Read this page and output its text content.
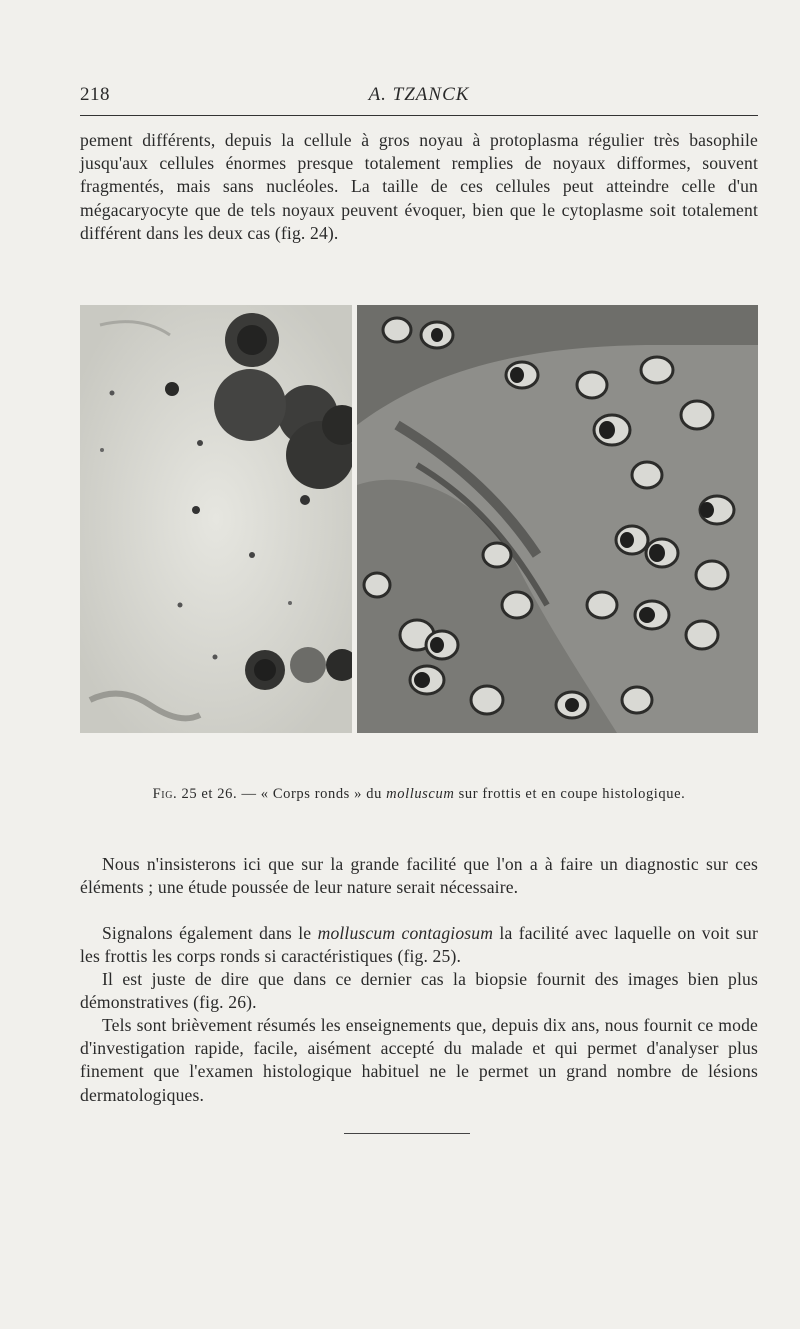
218	A. TZANCK

pement différents, depuis la cellule à gros noyau à protoplasma régulier très basophile jusqu'aux cellules énormes presque totalement remplies de noyaux difformes, souvent fragmentés, mais sans nucléoles. La taille de ces cellules peut atteindre celle d'un mégacaryocyte que de tels noyaux peuvent évoquer, bien que le cytoplasme soit totalement différent dans les deux cas (fig. 24).

Fig. 25 et 26. — « Corps ronds » du molluscum sur frottis et en coupe histologique.

Nous n'insisterons ici que sur la grande facilité que l'on a à faire un diagnostic sur ces éléments ; une étude poussée de leur nature serait nécessaire.

Signalons également dans le molluscum contagiosum la facilité avec laquelle on voit sur les frottis les corps ronds si caractéristiques (fig. 25).

Il est juste de dire que dans ce dernier cas la biopsie fournit des images bien plus démonstratives (fig. 26).

Tels sont brièvement résumés les enseignements que, depuis dix ans, nous fournit ce mode d'investigation rapide, facile, aisément accepté du malade et qui permet d'analyser plus finement que l'examen histologique habituel ne le permet un grand nombre de lésions dermatologiques.
